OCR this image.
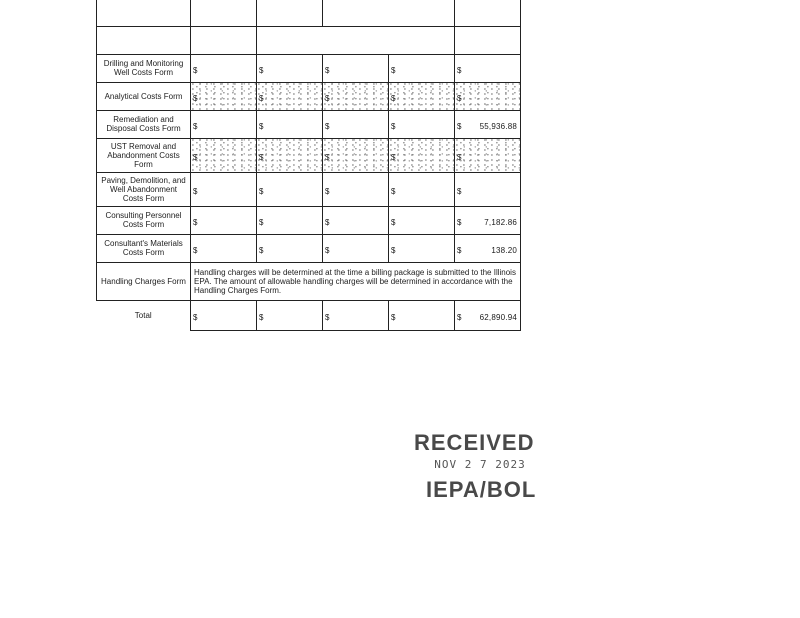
Drilling and Monitoring Well Costs Form	$	$	$	$	$

Analytical Costs Form	$	$	$	$	$

Remediation and Disposal Costs Form	$	$	$	$	$ 55,936.88

UST Removal and Abandonment Costs Form	$	$	$	$	$

Paving, Demolition, and Well Abandonment Costs Form	$	$	$	$	$

Consulting Personnel Costs Form	$	$	$	$	$ 7,182.86

Consultant's Materials Costs Form	$	$	$	$	$ 138.20

Handling Charges Form	Handling charges will be determined at the time a billing package is submitted to the Illinois EPA. The amount of allowable handling charges will be determined in accordance with the Handling Charges Form.				
Total	$	$	$	$	$ 62,890.94
RECEIVED
NOV 2 7 2023
IEPA/BOL
